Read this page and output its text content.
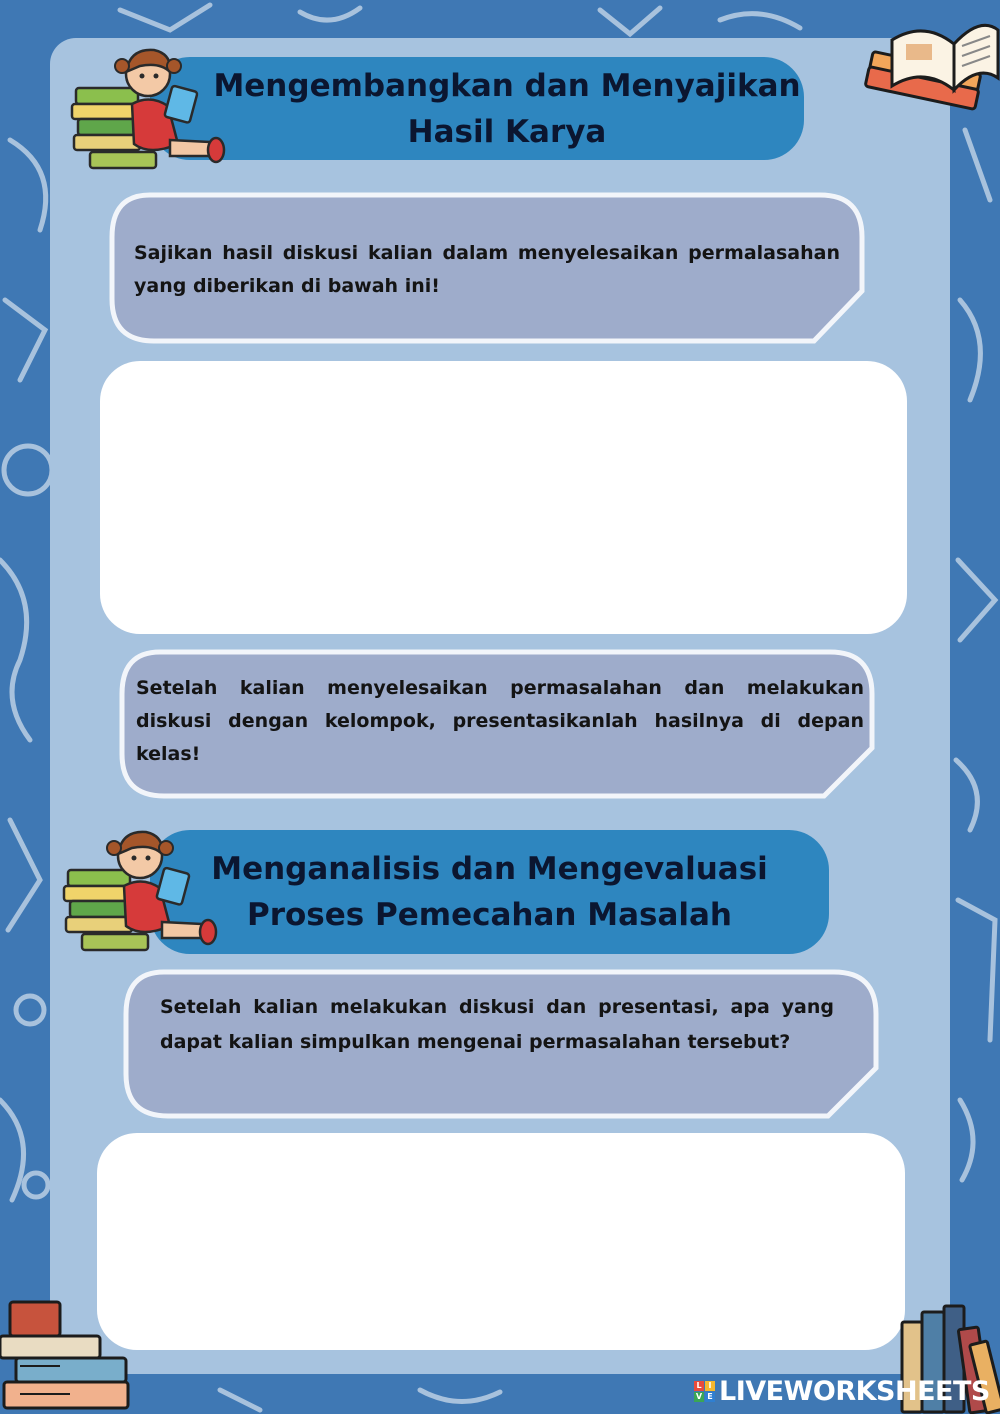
Mengembangkan dan Menyajikan
Hasil Karya

Sajikan hasil diskusi kalian dalam menyelesaikan permalasahan yang diberikan di bawah ini!

Setelah kalian menyelesaikan permasalahan dan melakukan diskusi dengan kelompok, presentasikanlah hasilnya di depan kelas!

Menganalisis dan Mengevaluasi
Proses Pemecahan Masalah

Setelah kalian melakukan diskusi dan presentasi, apa yang dapat kalian simpulkan mengenai permasalahan tersebut?

L I
V E LIVEWORKSHEETS
